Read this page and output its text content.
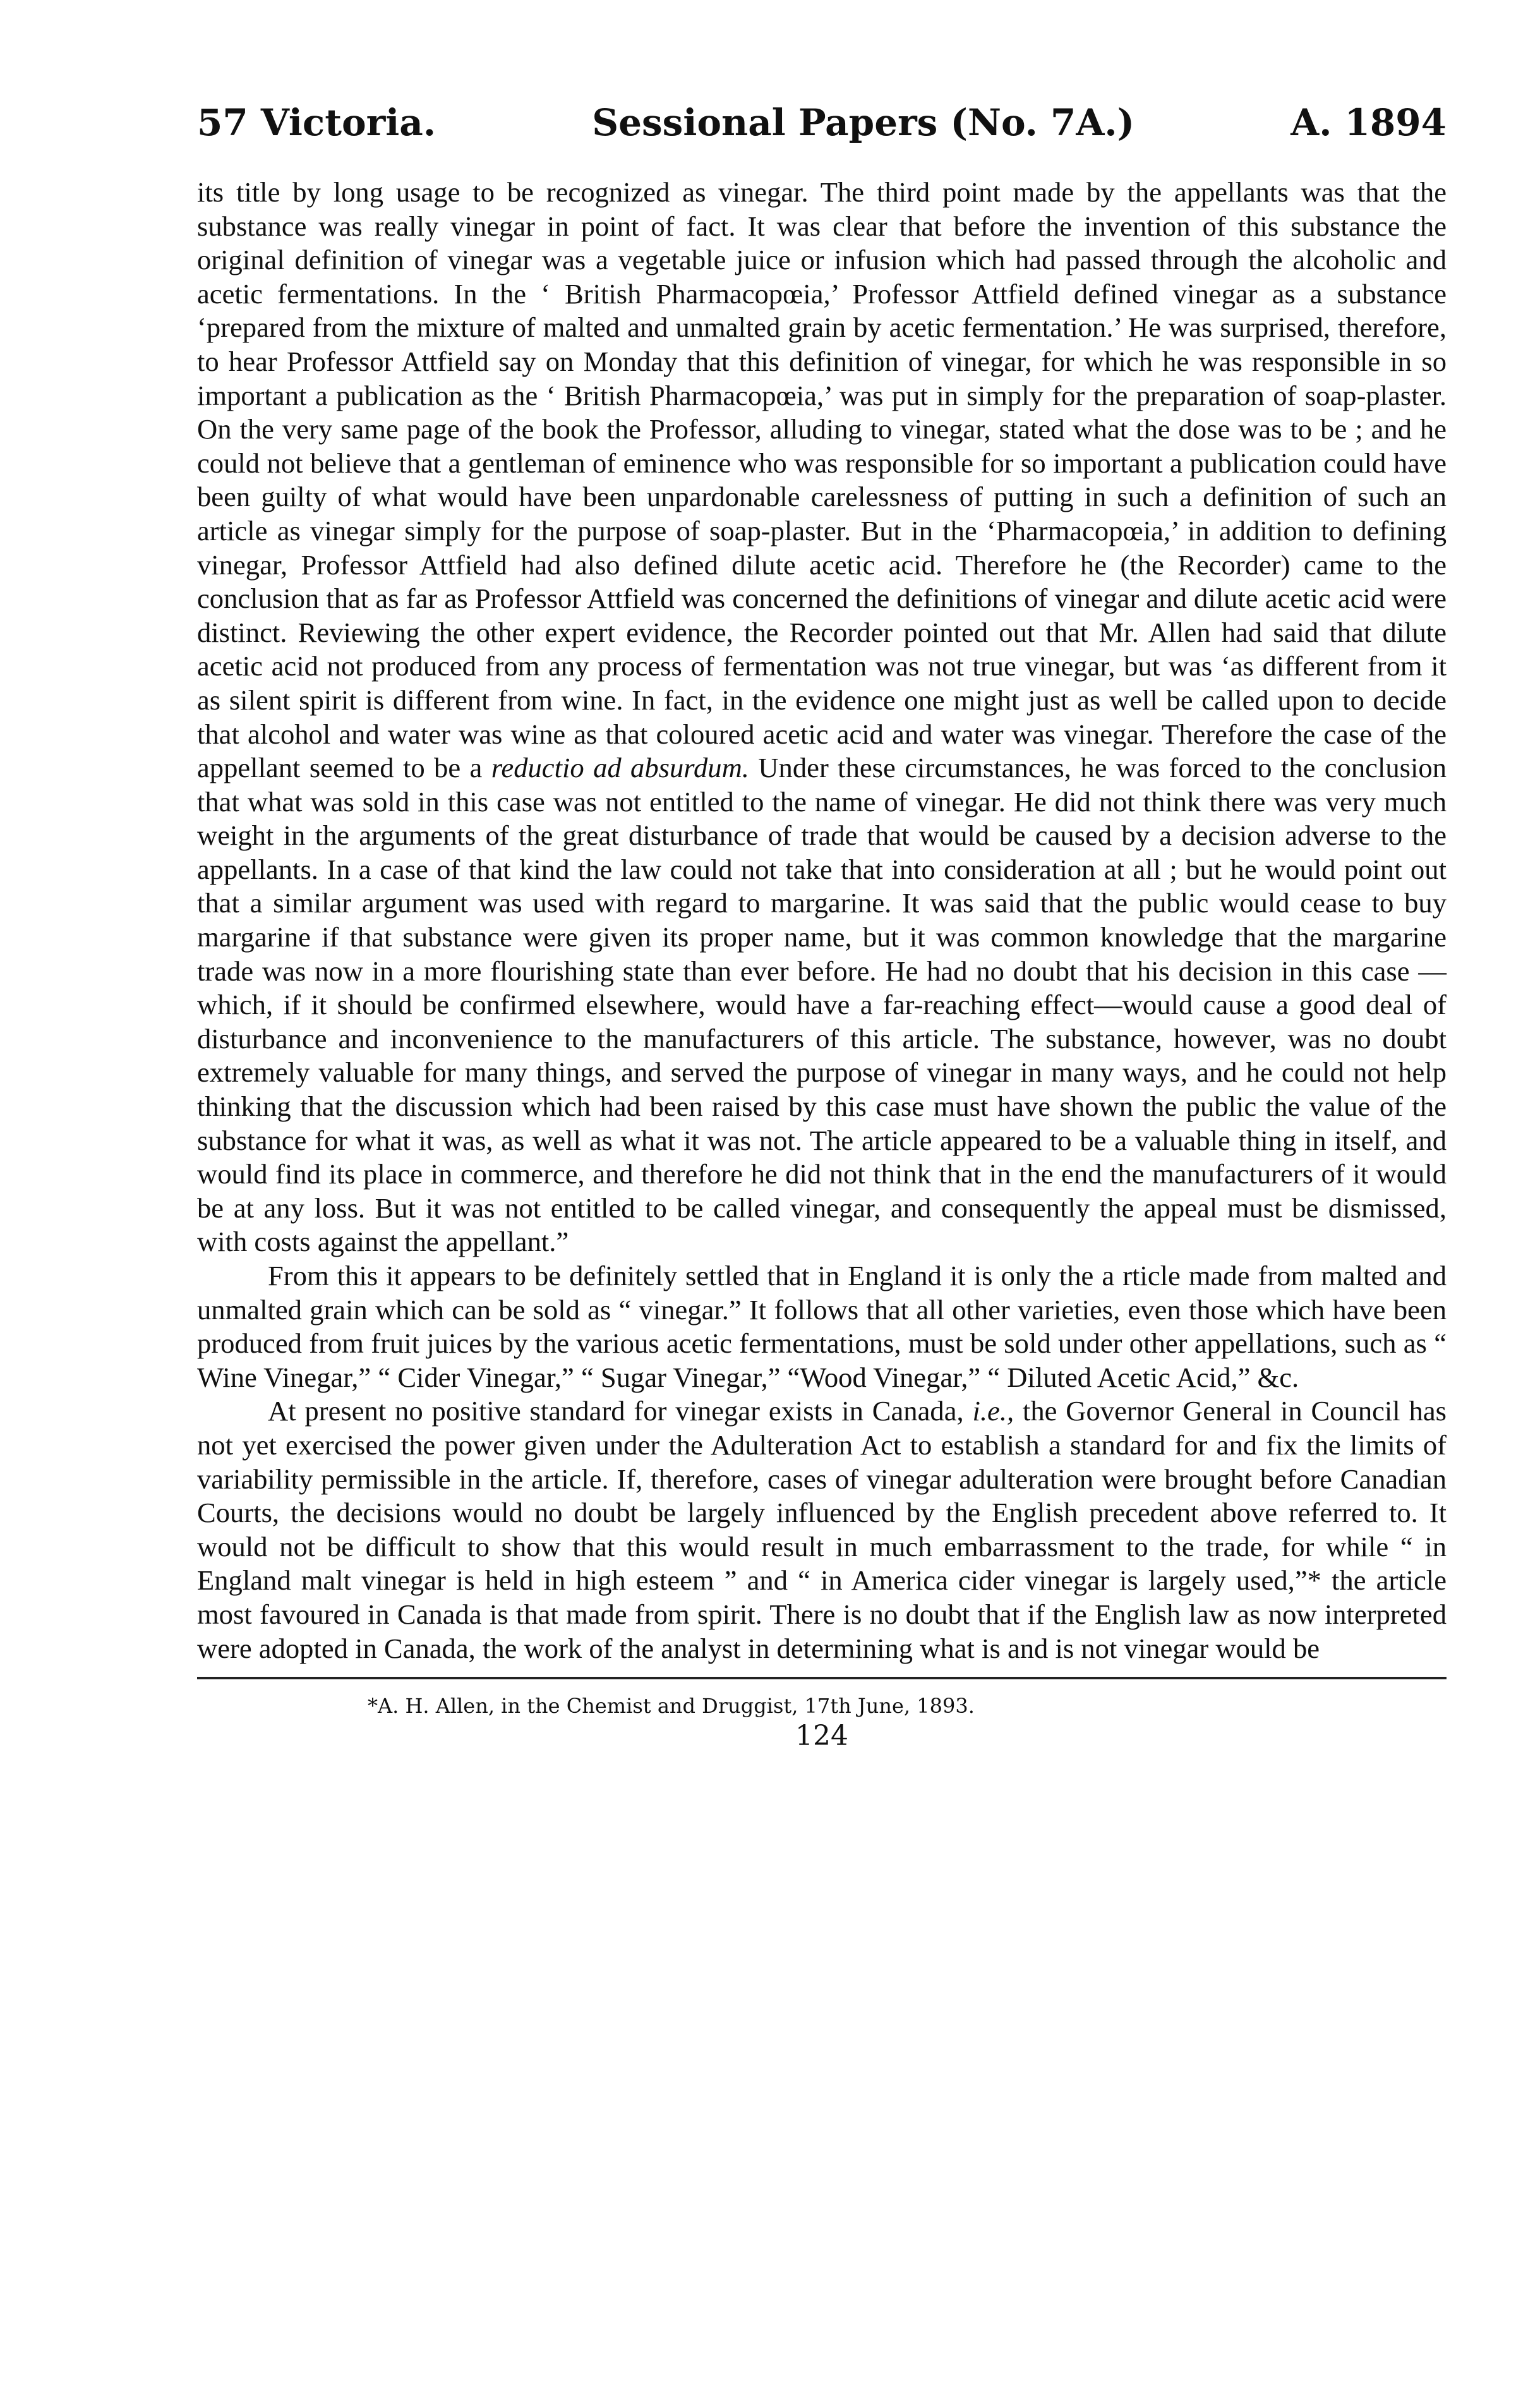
57 Victoria.	Sessional Papers (No. 7A.)	A. 1894

its title by long usage to be recognized as vinegar. The third point made by the appellants was that the substance was really vinegar in point of fact. It was clear that before the invention of this substance the original definition of vinegar was a vegetable juice or infusion which had passed through the alcoholic and acetic fermentations. In the ‘ British Pharmacopœia,’ Professor Attfield defined vinegar as a substance ‘prepared from the mixture of malted and unmalted grain by acetic fermentation.’ He was surprised, therefore, to hear Professor Attfield say on Monday that this definition of vinegar, for which he was responsible in so important a publication as the ‘ British Pharmacopœia,’ was put in simply for the preparation of soap-plaster. On the very same page of the book the Professor, alluding to vinegar, stated what the dose was to be ; and he could not believe that a gentleman of eminence who was responsible for so important a publication could have been guilty of what would have been unpardonable carelessness of putting in such a definition of such an article as vinegar simply for the purpose of soap-plaster. But in the ‘Pharmacopœia,’ in addition to defining vinegar, Professor Attfield had also defined dilute acetic acid. Therefore he (the Recorder) came to the conclusion that as far as Professor Attfield was concerned the definitions of vinegar and dilute acetic acid were distinct. Reviewing the other expert evidence, the Recorder pointed out that Mr. Allen had said that dilute acetic acid not produced from any process of fermentation was not true vinegar, but was ‘as different from it as silent spirit is different from wine. In fact, in the evidence one might just as well be called upon to decide that alcohol and water was wine as that coloured acetic acid and water was vinegar. Therefore the case of the appellant seemed to be a reductio ad absurdum. Under these circumstances, he was forced to the conclusion that what was sold in this case was not entitled to the name of vinegar. He did not think there was very much weight in the arguments of the great disturbance of trade that would be caused by a decision adverse to the appellants. In a case of that kind the law could not take that into consideration at all ; but he would point out that a similar argument was used with regard to margarine. It was said that the public would cease to buy margarine if that substance were given its proper name, but it was common knowledge that the margarine trade was now in a more flourishing state than ever before. He had no doubt that his decision in this case —which, if it should be confirmed elsewhere, would have a far-reaching effect—would cause a good deal of disturbance and inconvenience to the manufacturers of this article. The substance, however, was no doubt extremely valuable for many things, and served the purpose of vinegar in many ways, and he could not help thinking that the discussion which had been raised by this case must have shown the public the value of the substance for what it was, as well as what it was not. The article appeared to be a valuable thing in itself, and would find its place in commerce, and therefore he did not think that in the end the manufacturers of it would be at any loss. But it was not entitled to be called vinegar, and consequently the appeal must be dismissed, with costs against the appellant.”

From this it appears to be definitely settled that in England it is only the a rticle made from malted and unmalted grain which can be sold as “ vinegar.” It follows that all other varieties, even those which have been produced from fruit juices by the various acetic fermentations, must be sold under other appellations, such as “ Wine Vinegar,” “ Cider Vinegar,” “ Sugar Vinegar,” “Wood Vinegar,” “ Diluted Acetic Acid,” &c.

At present no positive standard for vinegar exists in Canada, i.e., the Governor General in Council has not yet exercised the power given under the Adulteration Act to establish a standard for and fix the limits of variability permissible in the article. If, therefore, cases of vinegar adulteration were brought before Canadian Courts, the decisions would no doubt be largely influenced by the English precedent above referred to. It would not be difficult to show that this would result in much embarrassment to the trade, for while “ in England malt vinegar is held in high esteem ” and “ in America cider vinegar is largely used,”* the article most favoured in Canada is that made from spirit. There is no doubt that if the English law as now interpreted were adopted in Canada, the work of the analyst in determining what is and is not vinegar would be

*A. H. Allen, in the Chemist and Druggist, 17th June, 1893.
124
